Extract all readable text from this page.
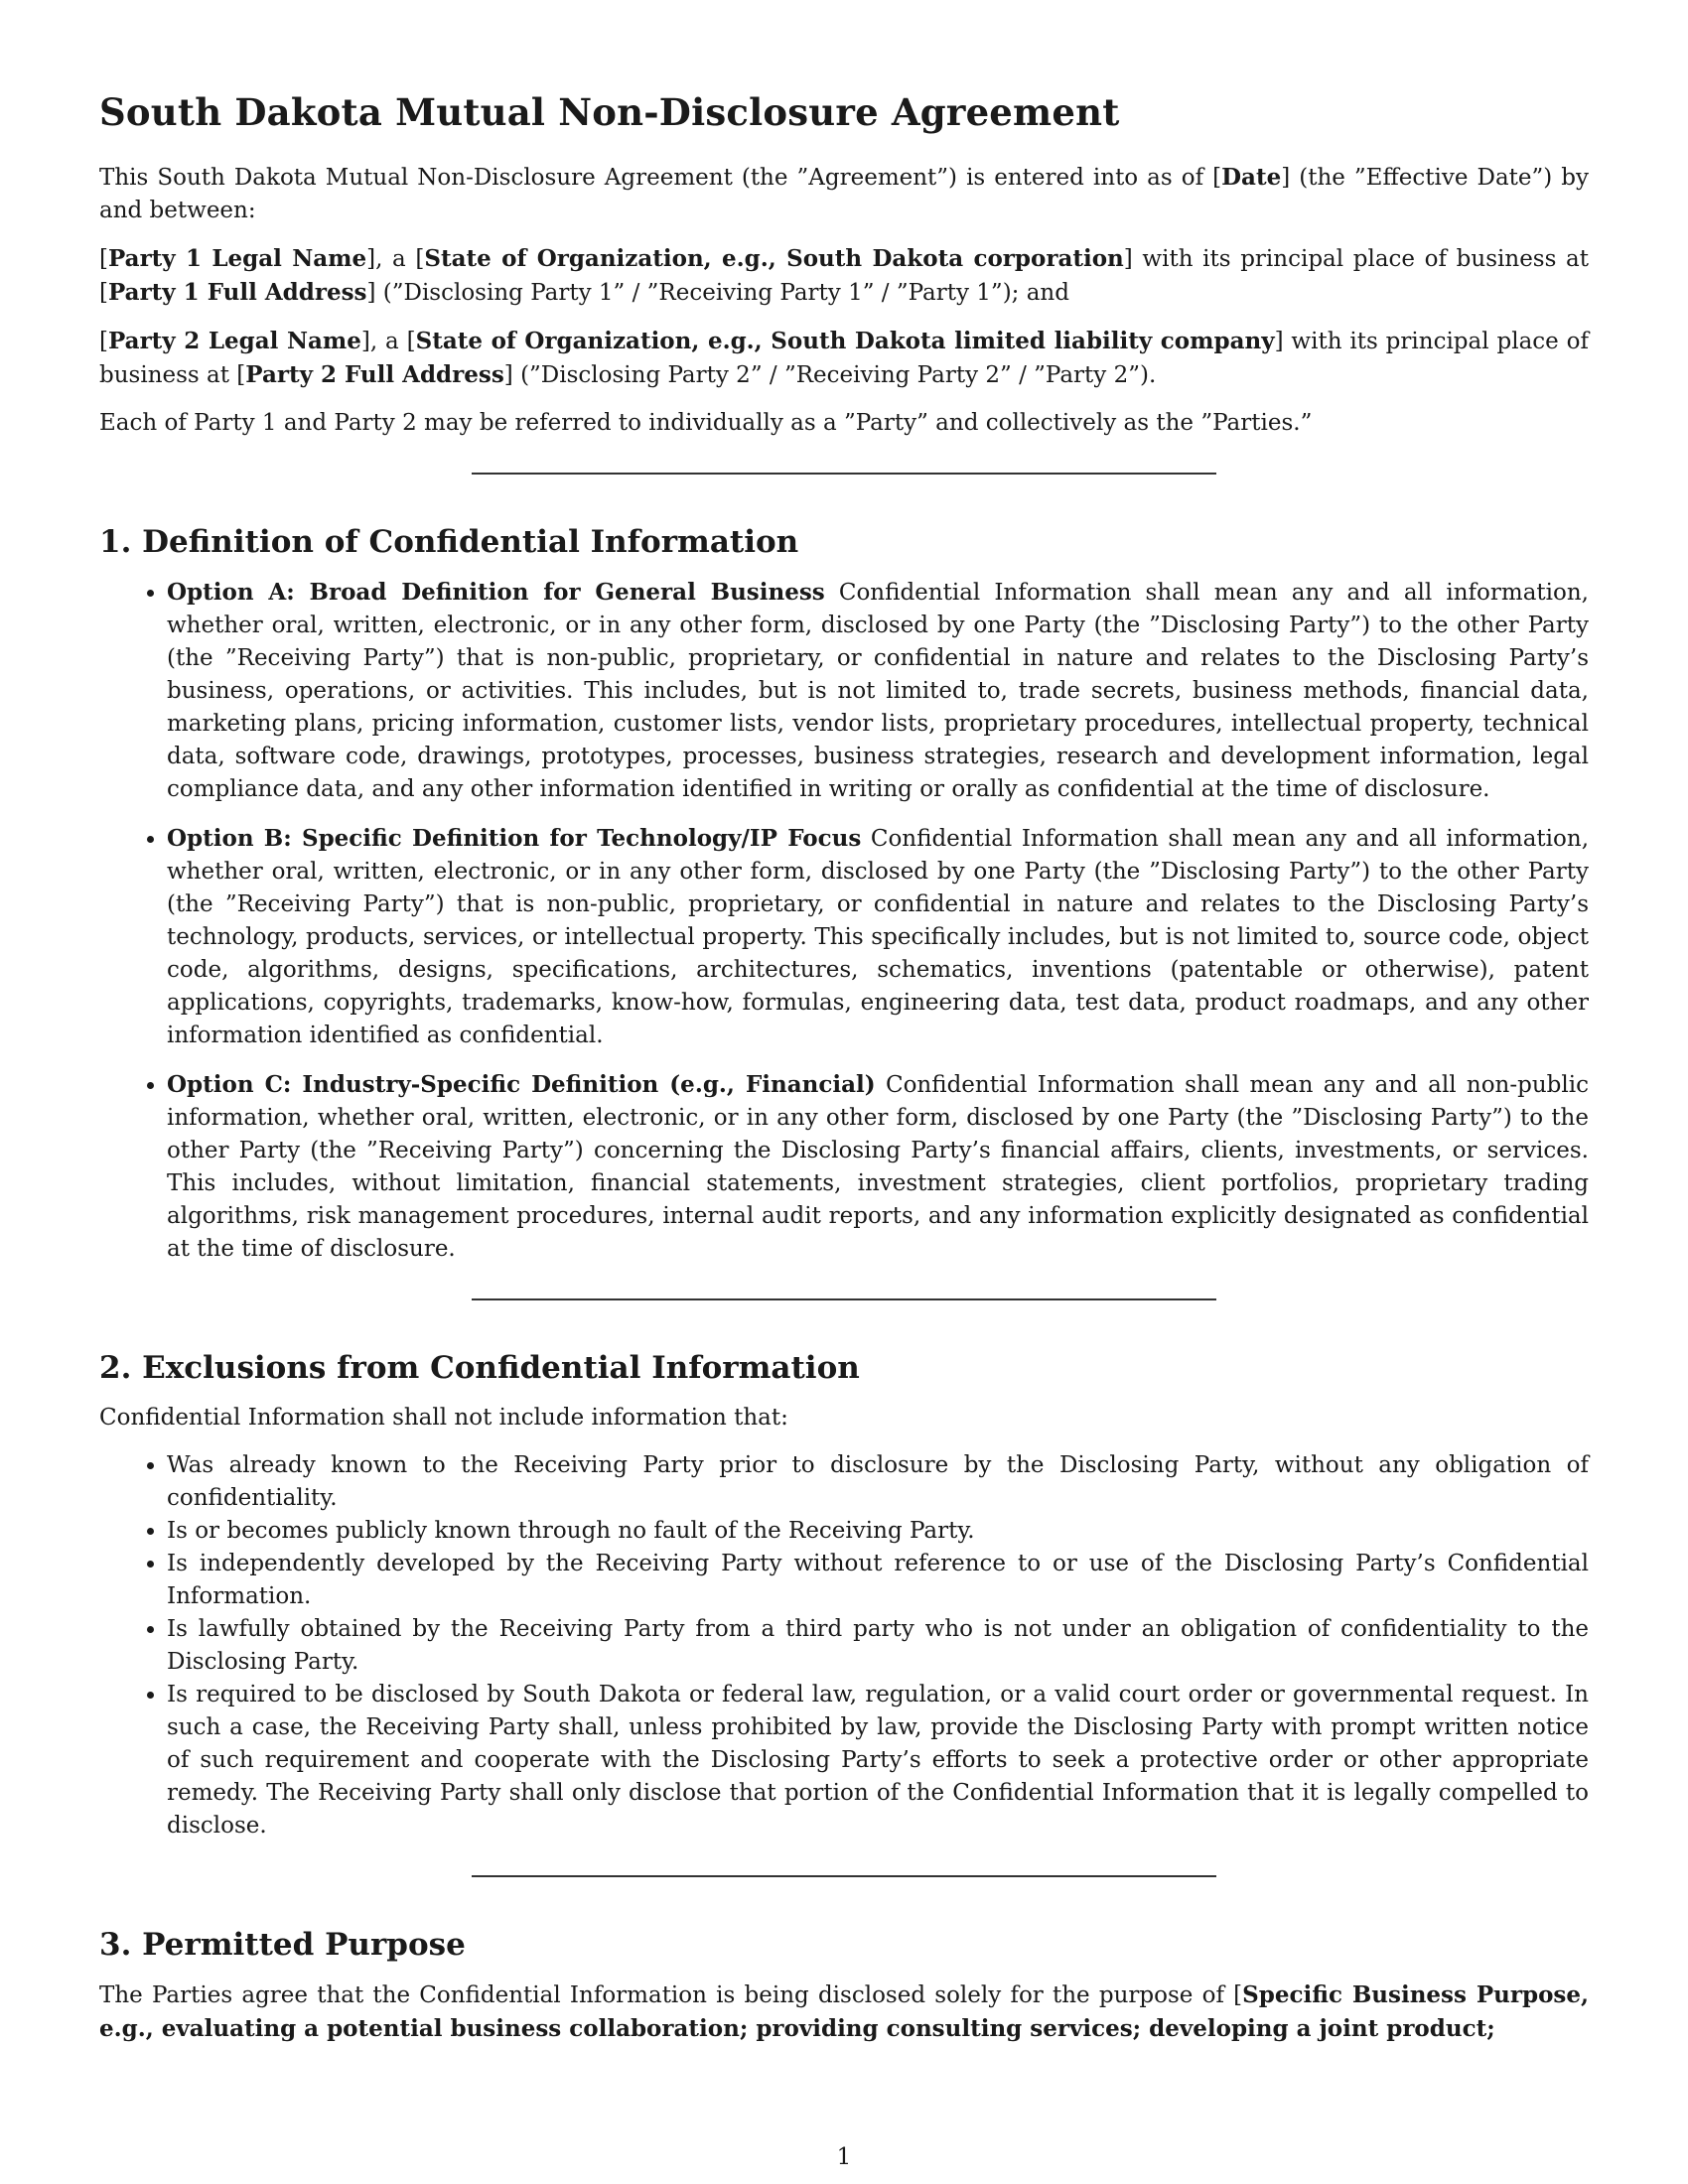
South Dakota Mutual Non-Disclosure Agreement

This South Dakota Mutual Non-Disclosure Agreement (the ”Agreement”) is entered into as of [Date] (the ”Effective Date”) by and between:

[Party 1 Legal Name], a [State of Organization, e.g., South Dakota corporation] with its principal place of business at [Party 1 Full Address] (”Disclosing Party 1” / ”Receiving Party 1” / ”Party 1”); and

[Party 2 Legal Name], a [State of Organization, e.g., South Dakota limited liability company] with its principal place of business at [Party 2 Full Address] (”Disclosing Party 2” / ”Receiving Party 2” / ”Party 2”).

Each of Party 1 and Party 2 may be referred to individually as a ”Party” and collectively as the ”Parties.”

1. Definition of Confidential Information
• Option A: Broad Definition for General Business Confidential Information shall mean any and all information, whether oral, written, electronic, or in any other form, disclosed by one Party (the ”Disclosing Party”) to the other Party (the ”Receiving Party”) that is non-public, proprietary, or confidential in nature and relates to the Disclosing Party’s business, operations, or activities. This includes, but is not limited to, trade secrets, business methods, financial data, marketing plans, pricing information, customer lists, vendor lists, proprietary procedures, intellectual property, technical data, software code, drawings, prototypes, processes, business strategies, research and development information, legal compliance data, and any other information identified in writing or orally as confidential at the time of disclosure.
• Option B: Specific Definition for Technology/IP Focus Confidential Information shall mean any and all information, whether oral, written, electronic, or in any other form, disclosed by one Party (the ”Disclosing Party”) to the other Party (the ”Receiving Party”) that is non-public, proprietary, or confidential in nature and relates to the Disclosing Party’s technology, products, services, or intellectual property. This specifically includes, but is not limited to, source code, object code, algorithms, designs, specifications, architectures, schematics, inventions (patentable or otherwise), patent applications, copyrights, trademarks, know-how, formulas, engineering data, test data, product roadmaps, and any other information identified as confidential.
• Option C: Industry-Specific Definition (e.g., Financial) Confidential Information shall mean any and all non-public information, whether oral, written, electronic, or in any other form, disclosed by one Party (the ”Disclosing Party”) to the other Party (the ”Receiving Party”) concerning the Disclosing Party’s financial affairs, clients, investments, or services. This includes, without limitation, financial statements, investment strategies, client portfolios, proprietary trading algorithms, risk management procedures, internal audit reports, and any information explicitly designated as confidential at the time of disclosure.
2. Exclusions from Confidential Information

Confidential Information shall not include information that:

• Was already known to the Receiving Party prior to disclosure by the Disclosing Party, without any obligation of confidentiality.
• Is or becomes publicly known through no fault of the Receiving Party.
• Is independently developed by the Receiving Party without reference to or use of the Disclosing Party’s Confidential Information.
• Is lawfully obtained by the Receiving Party from a third party who is not under an obligation of confidentiality to the Disclosing Party.
• Is required to be disclosed by South Dakota or federal law, regulation, or a valid court order or governmental request. In such a case, the Receiving Party shall, unless prohibited by law, provide the Disclosing Party with prompt written notice of such requirement and cooperate with the Disclosing Party’s efforts to seek a protective order or other appropriate remedy. The Receiving Party shall only disclose that portion of the Confidential Information that it is legally compelled to disclose.
3. Permitted Purpose

The Parties agree that the Confidential Information is being disclosed solely for the purpose of [Specific Business Purpose, e.g., evaluating a potential business collaboration; providing consulting services; developing a joint product;

1
